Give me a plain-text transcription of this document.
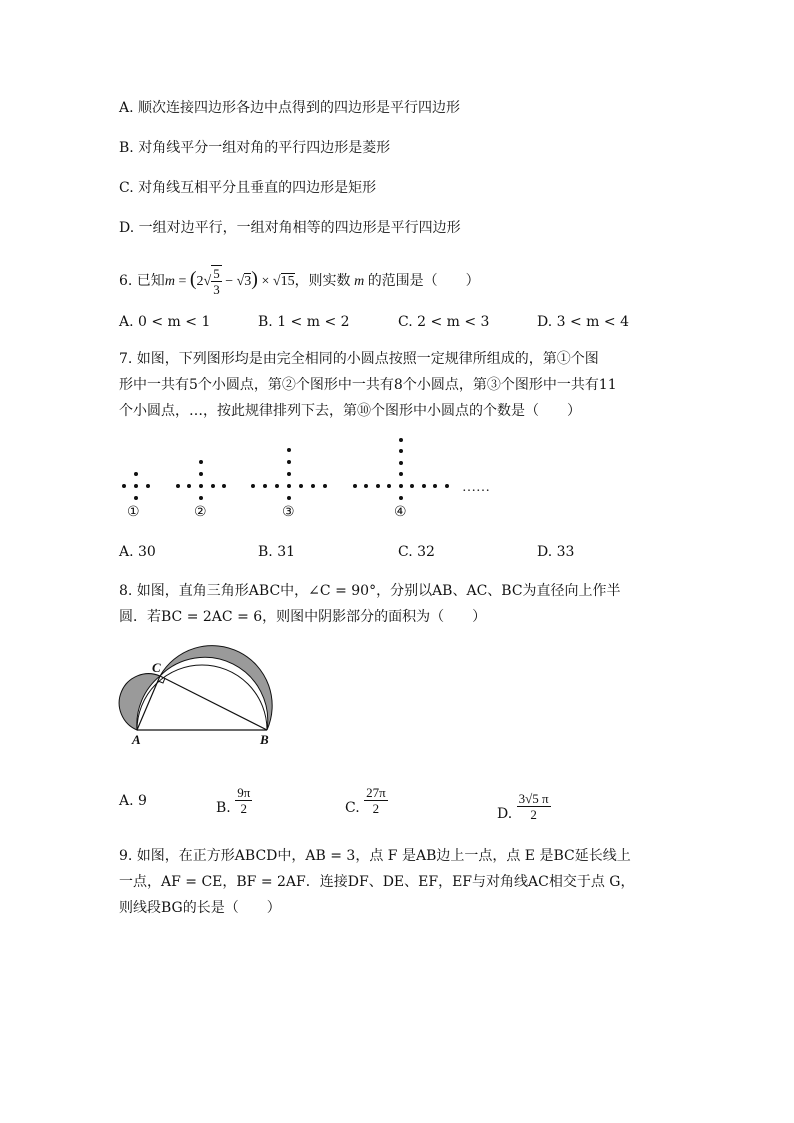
A. 顺次连接四边形各边中点得到的四边形是平行四边形
B. 对角线平分一组对角的平行四边形是菱形
C. 对角线互相平分且垂直的四边形是矩形
D. 一组对边平行，一组对角相等的四边形是平行四边形
6. 已知$m = (2√ \frac{5}{3} - √3) \times √15$，则实数 m 的范围是（　　）
A. 0 < m < 1	B. 1 < m < 2	C. 2 < m < 3	D. 3 < m < 4
7. 如图，下列图形均是由完全相同的小圆点按照一定规律所组成的，第①个图
形中一共有5个小圆点，第②个图形中一共有8个小圆点，第③个图形中一共有11
个小圆点，…，按此规律排列下去，第⑩个图形中小圆点的个数是（　　）
……
①	②	③	④
A. 30	B. 31	C. 32	D. 33
8. 如图，直角三角形ABC中，∠C = 90°，分别以AB、AC、BC为直径向上作半
圆．若BC = 2AC = 6，则图中阴影部分的面积为（　　）
C
A	B
A. 9	B. $\frac{9\pi}{2}$	C. $\frac{27\pi}{2}$	D. $\frac{3√5 \pi}{2}$
9. 如图，在正方形ABCD中，AB = 3，点 F 是AB边上一点，点 E 是BC延长线上
一点，AF = CE，BF = 2AF．连接DF、DE、EF，EF与对角线AC相交于点 G，
则线段BG的长是（　　）
